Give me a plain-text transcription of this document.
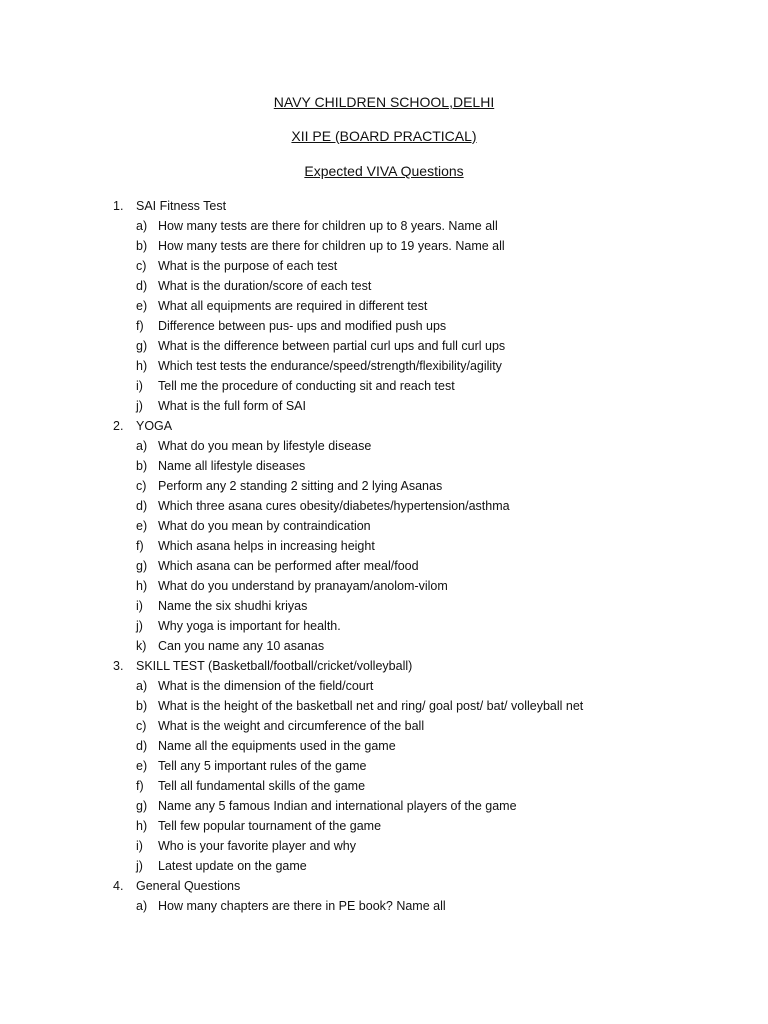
NAVY CHILDREN SCHOOL,DELHI
XII PE (BOARD PRACTICAL)
Expected VIVA Questions
1.	SAI Fitness Test
a) How many tests are there for children up to 8 years. Name all
b) How many tests are there for children up to 19 years. Name all
c) What is the purpose of each test
d) What is the duration/score of each test
e) What all equipments are required in different test
f)	Difference between pus- ups and modified push ups
g) What is the difference between partial curl ups and full curl ups
h) Which test tests the endurance/speed/strength/flexibility/agility
i)	Tell me the procedure of conducting sit and reach test
j)	What is the full form of SAI
2.	YOGA
a) What do you mean by lifestyle disease
b) Name all lifestyle diseases
c) Perform any 2 standing 2 sitting and 2 lying Asanas
d) Which three asana cures obesity/diabetes/hypertension/asthma
e) What do you mean by contraindication
f)	Which asana helps in increasing height
g) Which asana can be performed after meal/food
h) What do you understand by pranayam/anolom-vilom
i)	Name the six shudhi kriyas
j)	Why yoga is important for health.
k) Can you name any 10 asanas
3.	SKILL TEST (Basketball/football/cricket/volleyball)
a) What is the dimension of the field/court
b) What is the height of the basketball net and ring/ goal post/ bat/ volleyball net
c) What is the weight and circumference of the ball
d) Name all the equipments used in the game
e) Tell any 5 important rules of the game
f)	Tell all fundamental skills of the game
g) Name any 5 famous Indian and international players of the game
h) Tell few popular tournament of the game
i)	Who is your favorite player and why
j)	Latest update on the game
4.	General Questions
a) How many chapters are there in PE book? Name all
